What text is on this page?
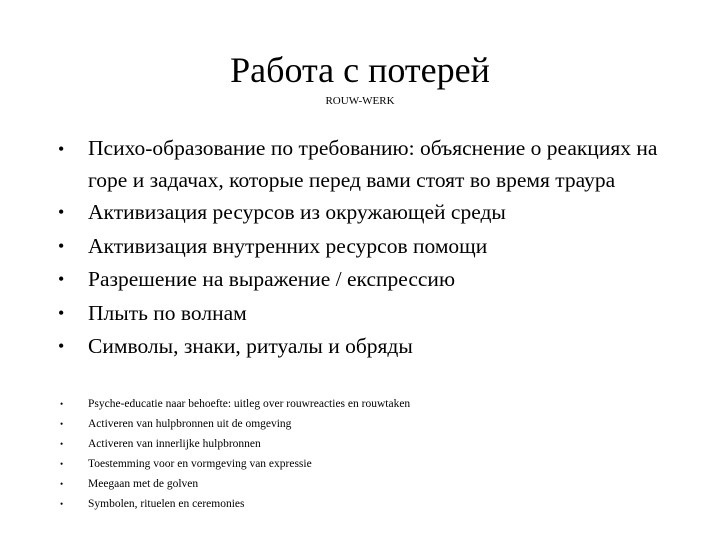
Работа с потерей
ROUW-WERK
•	Психо-образование по требованию: объяснение о реакциях на горе и задачах, которые перед вами стоят во время траура
•	Активизация ресурсов из окружающей среды
•	Активизация внутренних ресурсов помощи
•	Разрешение на выражение / експрессию
•	Плыть по волнам
•	Символы, знаки, ритуалы и обряды
•	Psyche-educatie naar behoefte: uitleg over rouwreacties en rouwtaken
•	Activeren van hulpbronnen uit de omgeving
•	Activeren van innerlijke hulpbronnen
•	Toestemming voor en vormgeving van expressie
•	Meegaan met de golven
•	Symbolen, rituelen en ceremonies
